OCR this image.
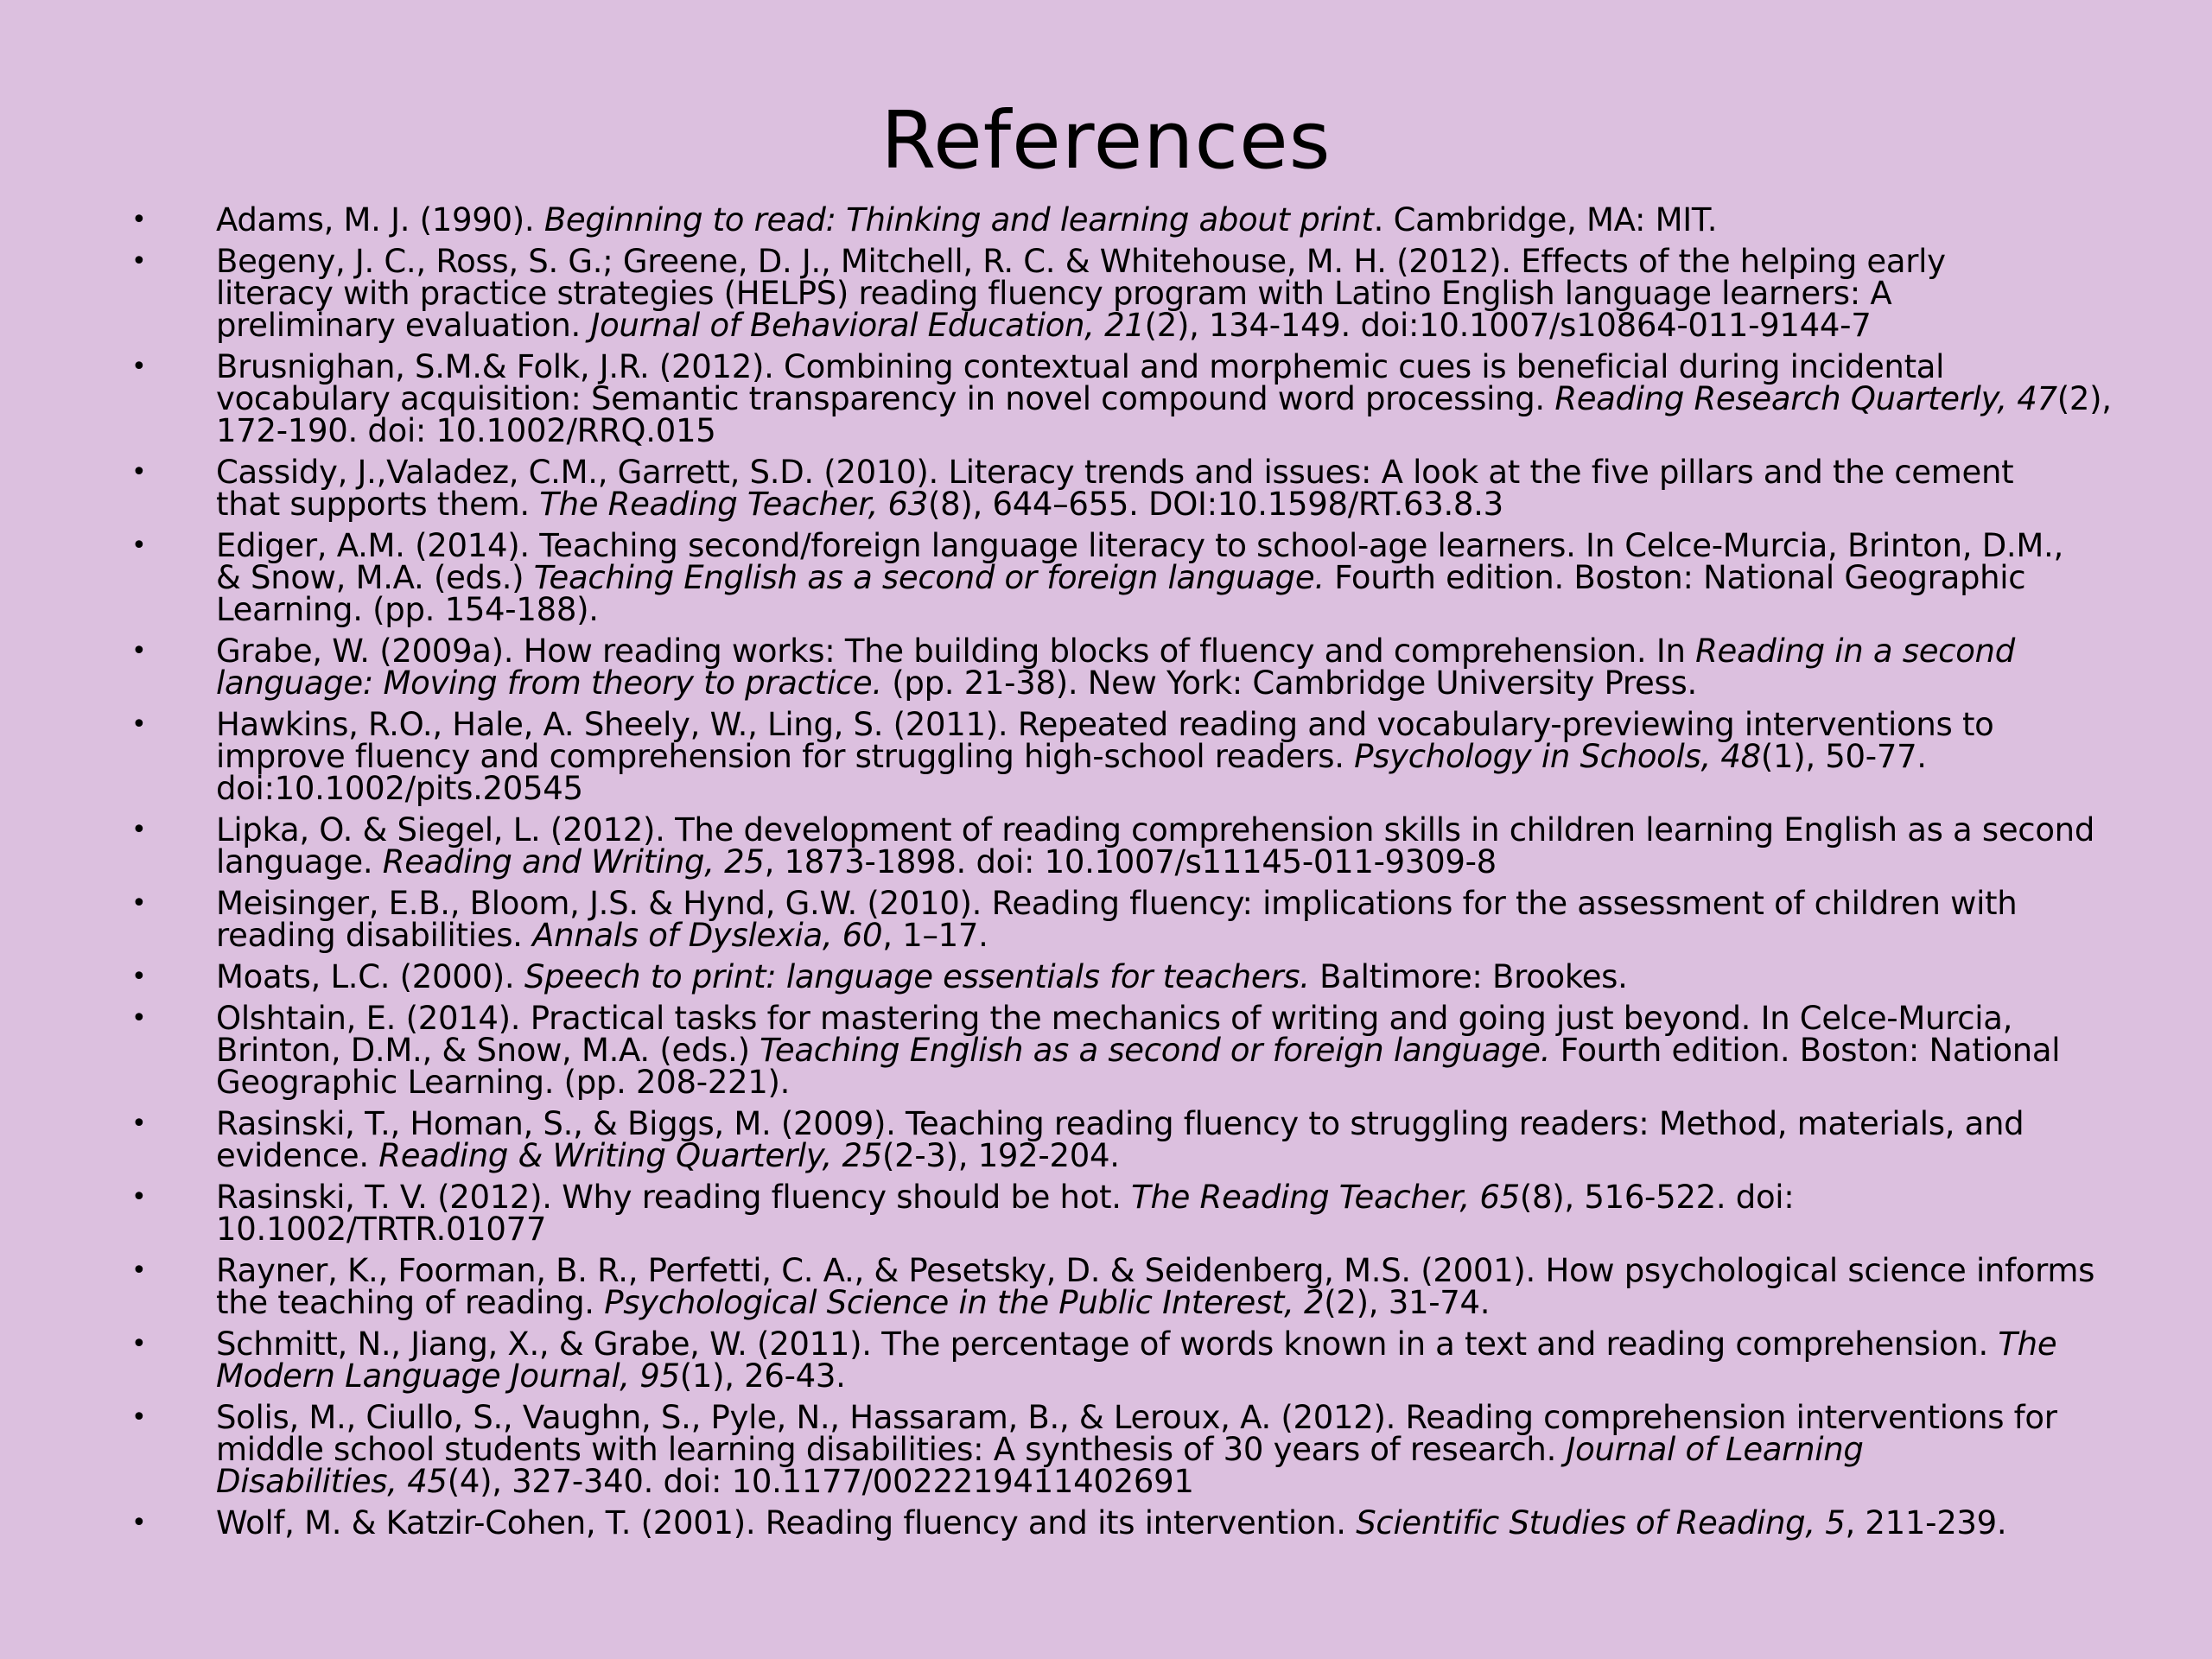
References
• Adams, M. J. (1990). Beginning to read: Thinking and learning about print. Cambridge, MA: MIT.
• Begeny, J. C., Ross, S. G.; Greene, D. J., Mitchell, R. C. & Whitehouse, M. H. (2012). Effects of the helping early
literacy with practice strategies (HELPS) reading fluency program with Latino English language learners: A
preliminary evaluation. Journal of Behavioral Education, 21(2), 134-149. doi:10.1007/s10864-011-9144-7
• Brusnighan, S.M.& Folk, J.R. (2012). Combining contextual and morphemic cues is beneficial during incidental
vocabulary acquisition: Semantic transparency in novel compound word processing. Reading Research Quarterly, 47(2),
172-190. doi: 10.1002/RRQ.015
• Cassidy, J.,Valadez, C.M., Garrett, S.D. (2010). Literacy trends and issues: A look at the five pillars and the cement
that supports them. The Reading Teacher, 63(8), 644–655. DOI:10.1598/RT.63.8.3
• Ediger, A.M. (2014). Teaching second/foreign language literacy to school-age learners. In Celce-Murcia, Brinton, D.M.,
& Snow, M.A. (eds.) Teaching English as a second or foreign language. Fourth edition. Boston: National Geographic
Learning. (pp. 154-188).
• Grabe, W. (2009a). How reading works: The building blocks of fluency and comprehension. In Reading in a second
language: Moving from theory to practice. (pp. 21-38). New York: Cambridge University Press.
• Hawkins, R.O., Hale, A. Sheely, W., Ling, S. (2011). Repeated reading and vocabulary-previewing interventions to
improve fluency and comprehension for struggling high-school readers. Psychology in Schools, 48(1), 50-77.
doi:10.1002/pits.20545
• Lipka, O. & Siegel, L. (2012). The development of reading comprehension skills in children learning English as a second
language. Reading and Writing, 25, 1873-1898. doi: 10.1007/s11145-011-9309-8
• Meisinger, E.B., Bloom, J.S. & Hynd, G.W. (2010). Reading fluency: implications for the assessment of children with
reading disabilities. Annals of Dyslexia, 60, 1–17.
• Moats, L.C. (2000). Speech to print: language essentials for teachers. Baltimore: Brookes.
• Olshtain, E. (2014). Practical tasks for mastering the mechanics of writing and going just beyond. In Celce-Murcia,
Brinton, D.M., & Snow, M.A. (eds.) Teaching English as a second or foreign language. Fourth edition. Boston: National
Geographic Learning. (pp. 208-221).
• Rasinski, T., Homan, S., & Biggs, M. (2009). Teaching reading fluency to struggling readers: Method, materials, and
evidence. Reading & Writing Quarterly, 25(2-3), 192-204.
• Rasinski, T. V. (2012). Why reading fluency should be hot. The Reading Teacher, 65(8), 516-522. doi:
10.1002/TRTR.01077
• Rayner, K., Foorman, B. R., Perfetti, C. A., & Pesetsky, D. & Seidenberg, M.S. (2001). How psychological science informs
the teaching of reading. Psychological Science in the Public Interest, 2(2), 31-74.
• Schmitt, N., Jiang, X., & Grabe, W. (2011). The percentage of words known in a text and reading comprehension. The
Modern Language Journal, 95(1), 26-43.
• Solis, M., Ciullo, S., Vaughn, S., Pyle, N., Hassaram, B., & Leroux, A. (2012). Reading comprehension interventions for
middle school students with learning disabilities: A synthesis of 30 years of research. Journal of Learning
Disabilities, 45(4), 327-340. doi: 10.1177/0022219411402691
• Wolf, M. & Katzir-Cohen, T. (2001). Reading fluency and its intervention. Scientific Studies of Reading, 5, 211-239.
